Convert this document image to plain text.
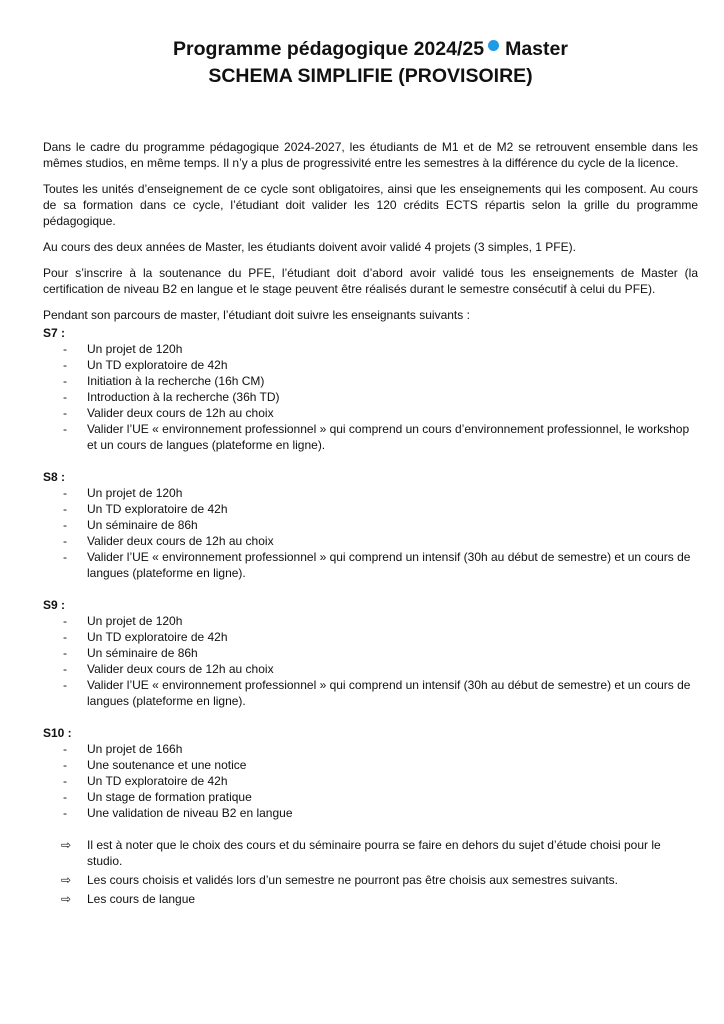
Programme pédagogique 2024/25 Master
SCHEMA SIMPLIFIE (PROVISOIRE)

Dans le cadre du programme pédagogique 2024-2027, les étudiants de M1 et de M2 se retrouvent ensemble dans les mêmes studios, en même temps. Il n’y a plus de progressivité entre les semestres à la différence du cycle de la licence.

Toutes les unités d’enseignement de ce cycle sont obligatoires, ainsi que les enseignements qui les composent. Au cours de sa formation dans ce cycle, l’étudiant doit valider les 120 crédits ECTS répartis selon la grille du programme pédagogique.

Au cours des deux années de Master, les étudiants doivent avoir validé 4 projets (3 simples, 1 PFE).

Pour s’inscrire à la soutenance du PFE, l’étudiant doit d’abord avoir validé tous les enseignements de Master (la certification de niveau B2 en langue et le stage peuvent être réalisés durant le semestre consécutif à celui du PFE).

Pendant son parcours de master, l’étudiant doit suivre les enseignants suivants :

S7 :

- Un projet de 120h
- Un TD exploratoire de 42h
- Initiation à la recherche (16h CM)
- Introduction à la recherche (36h TD)
- Valider deux cours de 12h au choix
- Valider l’UE « environnement professionnel » qui comprend un cours d’environnement professionnel, le workshop et un cours de langues (plateforme en ligne).

S8 :

- Un projet de 120h
- Un TD exploratoire de 42h
- Un séminaire de 86h
- Valider deux cours de 12h au choix
- Valider l’UE « environnement professionnel » qui comprend un intensif (30h au début de semestre) et un cours de langues (plateforme en ligne).

S9 :

- Un projet de 120h
- Un TD exploratoire de 42h
- Un séminaire de 86h
- Valider deux cours de 12h au choix
- Valider l’UE « environnement professionnel » qui comprend un intensif (30h au début de semestre) et un cours de langues (plateforme en ligne).

S10 :

- Un projet de 166h
- Une soutenance et une notice
- Un TD exploratoire de 42h
- Un stage de formation pratique
- Une validation de niveau B2 en langue
⇨ Il est à noter que le choix des cours et du séminaire pourra se faire en dehors du sujet d’étude choisi pour le studio.
⇨ Les cours choisis et validés lors d’un semestre ne pourront pas être choisis aux semestres suivants.
⇨ Les cours de langue
